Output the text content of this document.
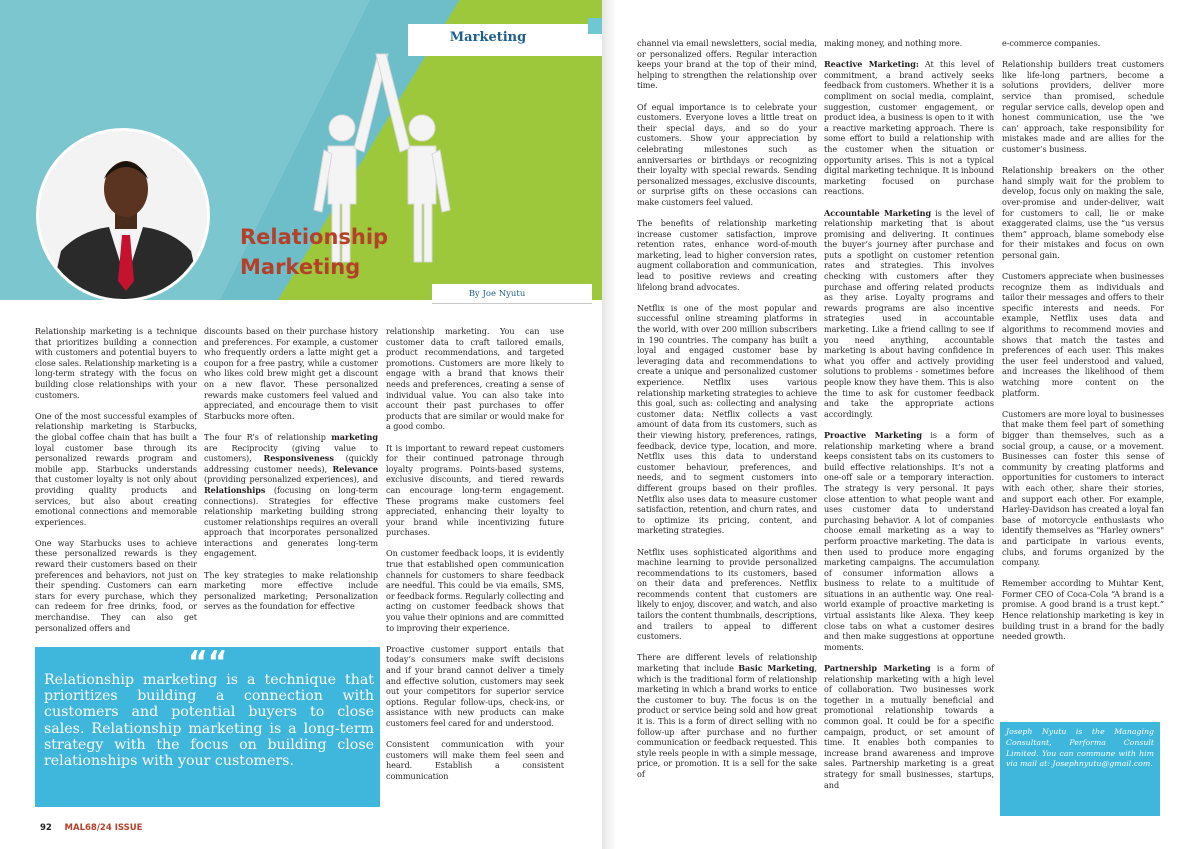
Marketing
Relationship
Marketing
By Joe Nyutu

Relationship marketing is a technique that prioritizes building a connection with customers and potential buyers to close sales. Relationship marketing is a long-term strategy with the focus on building close relationships with your customers.

One of the most successful examples of relationship marketing is Starbucks, the global coffee chain that has built a loyal customer base through its personalized rewards program and mobile app. Starbucks understands that customer loyalty is not only about providing quality products and services, but also about creating emotional connections and memorable experiences.

One way Starbucks uses to achieve these personalized rewards is they reward their customers based on their preferences and behaviors, not just on their spending. Customers can earn stars for every purchase, which they can redeem for free drinks, food, or merchandise. They can also get personalized offers and

discounts based on their purchase history and preferences. For example, a customer who frequently orders a latte might get a coupon for a free pastry, while a customer who likes cold brew might get a discount on a new flavor. These personalized rewards make customers feel valued and appreciated, and encourage them to visit Starbucks more often.

The four R’s of relationship marketing are Reciprocity (giving value to customers), Responsiveness (quickly addressing customer needs), Relevance (providing personalized experiences), and Relationships (focusing on long-term connections). Strategies for effective relationship marketing building strong customer relationships requires an overall approach that incorporates personalized interactions and generates long-term engagement.

The key strategies to make relationship marketing more effective include personalized marketing; Personalization serves as the foundation for effective

““
Relationship marketing is a technique that prioritizes building a connection with customers and potential buyers to close sales. Relationship marketing is a long-term strategy with the focus on building close relationships with your customers.

relationship marketing. You can use customer data to craft tailored emails, product recommendations, and targeted promotions. Customers are more likely to engage with a brand that knows their needs and preferences, creating a sense of individual value. You can also take into account their past purchases to offer products that are similar or would make for a good combo.

It is important to reward repeat customers for their continued patronage through loyalty programs. Points-based systems, exclusive discounts, and tiered rewards can encourage long-term engagement. These programs make customers feel appreciated, enhancing their loyalty to your brand while incentivizing future purchases.

On customer feedback loops, it is evidently true that established open communication channels for customers to share feedback are needful. This could be via emails, SMS, or feedback forms. Regularly collecting and acting on customer feedback shows that you value their opinions and are committed to improving their experience.

Proactive customer support entails that today’s consumers make swift decisions and if your brand cannot deliver a timely and effective solution, customers may seek out your competitors for superior service options. Regular follow-ups, check-ins, or assistance with new products can make customers feel cared for and understood.

Consistent communication with your customers will make them feel seen and heard. Establish a consistent communication

channel via email newsletters, social media, or personalized offers. Regular interaction keeps your brand at the top of their mind, helping to strengthen the relationship over time.

Of equal importance is to celebrate your customers. Everyone loves a little treat on their special days, and so do your customers. Show your appreciation by celebrating milestones such as anniversaries or birthdays or recognizing their loyalty with special rewards. Sending personalized messages, exclusive discounts, or surprise gifts on these occasions can make customers feel valued.

The benefits of relationship marketing increase customer satisfaction, improve retention rates, enhance word-of-mouth marketing, lead to higher conversion rates, augment collaboration and communication, lead to positive reviews and creating lifelong brand advocates.

Netflix is one of the most popular and successful online streaming platforms in the world, with over 200 million subscribers in 190 countries. The company has built a loyal and engaged customer base by leveraging data and recommendations to create a unique and personalized customer experience. Netflix uses various relationship marketing strategies to achieve this goal, such as: collecting and analysing customer data: Netflix collects a vast amount of data from its customers, such as their viewing history, preferences, ratings, feedback, device type, location, and more. Netflix uses this data to understand customer behaviour, preferences, and needs, and to segment customers into different groups based on their profiles. Netflix also uses data to measure customer satisfaction, retention, and churn rates, and to optimize its pricing, content, and marketing strategies.

Netflix uses sophisticated algorithms and machine learning to provide personalized recommendations to its customers, based on their data and preferences. Netflix recommends content that customers are likely to enjoy, discover, and watch, and also tailors the content thumbnails, descriptions, and trailers to appeal to different customers.

There are different levels of relationship marketing that include Basic Marketing, which is the traditional form of relationship marketing in which a brand works to entice the customer to buy. The focus is on the product or service being sold and how great it is. This is a form of direct selling with no follow-up after purchase and no further communication or feedback requested. This style reels people in with a simple message, price, or promotion. It is a sell for the sake of

making money, and nothing more.

Reactive Marketing: At this level of commitment, a brand actively seeks feedback from customers. Whether it is a compliment on social media, complaint, suggestion, customer engagement, or product idea, a business is open to it with a reactive marketing approach. There is some effort to build a relationship with the customer when the situation or opportunity arises. This is not a typical digital marketing technique. It is inbound marketing focused on purchase reactions.

Accountable Marketing is the level of relationship marketing that is about promising and delivering. It continues the buyer’s journey after purchase and puts a spotlight on customer retention rates and strategies. This involves checking with customers after they purchase and offering related products as they arise. Loyalty programs and rewards programs are also incentive strategies used in accountable marketing. Like a friend calling to see if you need anything, accountable marketing is about having confidence in what you offer and actively providing solutions to problems - sometimes before people know they have them. This is also the time to ask for customer feedback and take the appropriate actions accordingly.

Proactive Marketing is a form of relationship marketing where a brand keeps consistent tabs on its customers to build effective relationships. It’s not a one-off sale or a temporary interaction. The strategy is very personal. It pays close attention to what people want and uses customer data to understand purchasing behavior. A lot of companies choose email marketing as a way to perform proactive marketing. The data is then used to produce more engaging marketing campaigns. The accumulation of consumer information allows a business to relate to a multitude of situations in an authentic way. One real-world example of proactive marketing is virtual assistants like Alexa. They keep close tabs on what a customer desires and then make suggestions at opportune moments.

Partnership Marketing is a form of relationship marketing with a high level of collaboration. Two businesses work together in a mutually beneficial and promotional relationship towards a common goal. It could be for a specific campaign, product, or set amount of time. It enables both companies to increase brand awareness and improve sales. Partnership marketing is a great strategy for small businesses, startups, and

e-commerce companies.

Relationship builders treat customers like life-long partners, become a solutions providers, deliver more service than promised, schedule regular service calls, develop open and honest communication, use the ‘we can’ approach, take responsibility for mistakes made and are allies for the customer’s business.

Relationship breakers on the other hand simply wait for the problem to develop, focus only on making the sale, over-promise and under-deliver, wait for customers to call, lie or make exaggerated claims, use the “us versus them” approach, blame somebody else for their mistakes and focus on own personal gain.

Customers appreciate when businesses recognize them as individuals and tailor their messages and offers to their specific interests and needs. For example, Netflix uses data and algorithms to recommend movies and shows that match the tastes and preferences of each user. This makes the user feel understood and valued, and increases the likelihood of them watching more content on the platform.

Customers are more loyal to businesses that make them feel part of something bigger than themselves, such as a social group, a cause, or a movement. Businesses can foster this sense of community by creating platforms and opportunities for customers to interact with each other, share their stories, and support each other. For example, Harley-Davidson has created a loyal fan base of motorcycle enthusiasts who identify themselves as "Harley owners" and participate in various events, clubs, and forums organized by the company.

Remember according to Muhtar Kent, Former CEO of Coca-Cola “A brand is a promise. A good brand is a trust kept.” Hence relationship marketing is key in building trust in a brand for the badly needed growth.

Joseph Nyutu is the Managing Consultant, Performa Consult Limited. You can commune with him via mail at: Josephnyutu@gmail.com.
92 MAL68/24 ISSUE
